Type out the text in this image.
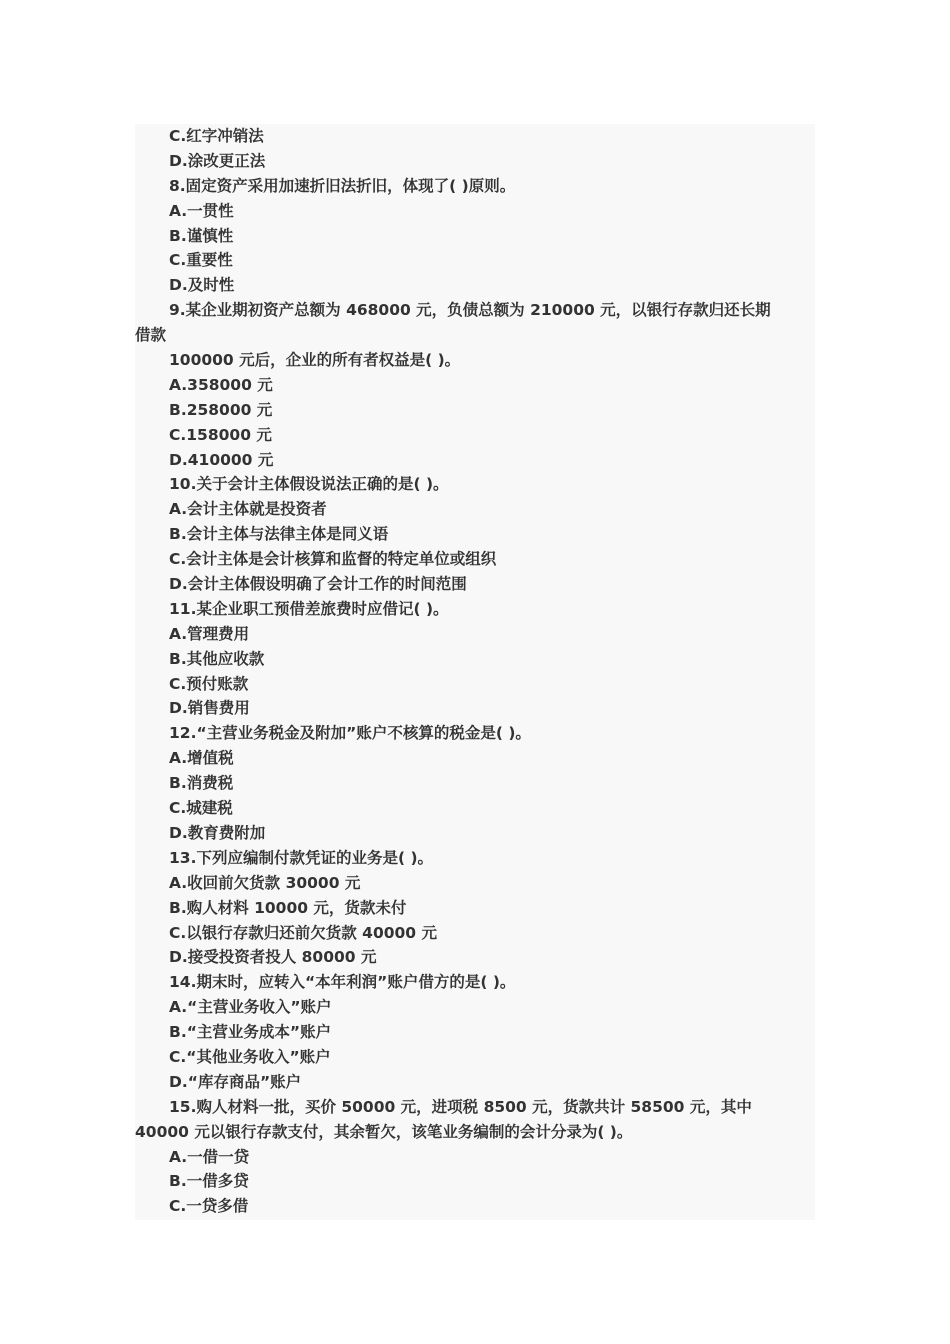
C.红字冲销法
D.涂改更正法
8.固定资产采用加速折旧法折旧，体现了( )原则。
A.一贯性
B.谨慎性
C.重要性
D.及时性
9.某企业期初资产总额为 468000 元，负债总额为 210000 元，以银行存款归还长期
借款
100000 元后，企业的所有者权益是( )。
A.358000 元
B.258000 元
C.158000 元
D.410000 元
10.关于会计主体假设说法正确的是( )。
A.会计主体就是投资者
B.会计主体与法律主体是同义语
C.会计主体是会计核算和监督的特定单位或组织
D.会计主体假设明确了会计工作的时间范围
11.某企业职工预借差旅费时应借记( )。
A.管理费用
B.其他应收款
C.预付账款
D.销售费用
12.“主营业务税金及附加”账户不核算的税金是( )。
A.增值税
B.消费税
C.城建税
D.教育费附加
13.下列应编制付款凭证的业务是( )。
A.收回前欠货款 30000 元
B.购人材料 10000 元，货款未付
C.以银行存款归还前欠货款 40000 元
D.接受投资者投人 80000 元
14.期末时，应转入“本年利润”账户借方的是( )。
A.“主营业务收入”账户
B.“主营业务成本”账户
C.“其他业务收入”账户
D.“库存商品”账户
15.购人材料一批，买价 50000 元，进项税 8500 元，货款共计 58500 元，其中
40000 元以银行存款支付，其余暂欠，该笔业务编制的会计分录为( )。
A.一借一贷
B.一借多贷
C.一贷多借
